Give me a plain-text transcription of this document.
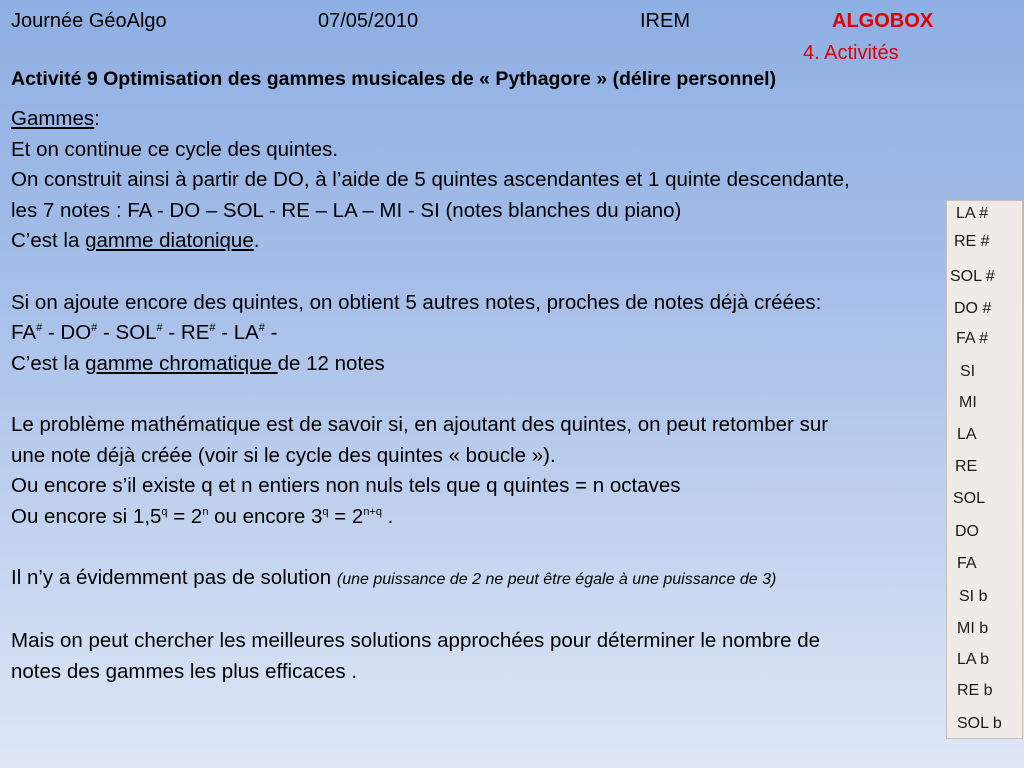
Journée GéoAlgo	07/05/2010	IREM	ALGOBOX
4. Activités
Activité 9 Optimisation des gammes musicales de « Pythagore » (délire personnel)

Gammes:

Et on continue ce cycle des quintes.

On construit ainsi à partir de DO, à l’aide de 5 quintes ascendantes et 1 quinte descendante,

les 7 notes : FA - DO – SOL - RE – LA – MI - SI (notes blanches du piano)

C’est la gamme diatonique.

Si on ajoute encore des quintes, on obtient 5 autres notes, proches de notes déjà créées:

FA# - DO# - SOL# - RE# - LA# -

C’est la gamme chromatique de 12 notes

Le problème mathématique est de savoir si, en ajoutant des quintes, on peut retomber sur

une note déjà créée (voir si le cycle des quintes « boucle »).

Ou encore s’il existe q et n entiers non nuls tels que q quintes = n octaves

Ou encore si $1,5^q = 2^n$ ou encore $3^q = 2^{n+q}$ .

Il n’y a évidemment pas de solution (une puissance de 2 ne peut être égale à une puissance de 3)

Mais on peut chercher les meilleures solutions approchées pour déterminer le nombre de

notes des gammes les plus efficaces .

LA #
RE #
SOL #
DO #
FA #
SI
MI
LA
RE
SOL
DO
FA
SI b
MI b
LA b
RE b
SOL b
